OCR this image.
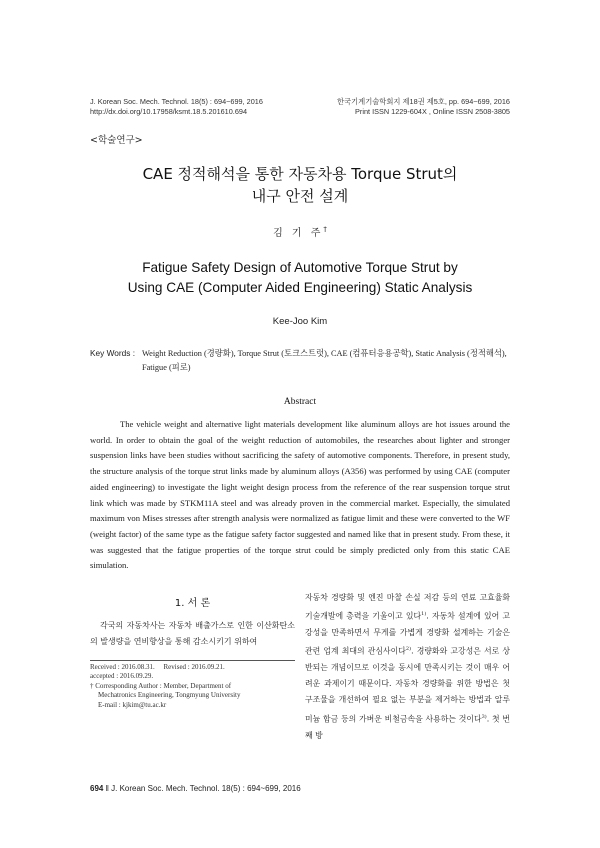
J. Korean Soc. Mech. Technol. 18(5) : 694~699, 2016
http://dx.doi.org/10.17958/ksmt.18.5.201610.694
한국기계기술학회지 제18권 제5호, pp. 694~699, 2016
Print ISSN 1229-604X , Online ISSN 2508-3805
<학술연구>
CAE 정적해석을 통한 자동차용 Torque Strut의
내구 안전 설계
김 기 주†
Fatigue Safety Design of Automotive Torque Strut by
Using CAE (Computer Aided Engineering) Static Analysis
Kee-Joo Kim
Key Words : Weight Reduction (경량화), Torque Strut (토크스트럿), CAE (컴퓨터응용공학), Static Analysis (정적해석), Fatigue (피로)
Abstract

The vehicle weight and alternative light materials development like aluminum alloys are hot issues around the world. In order to obtain the goal of the weight reduction of automobiles, the researches about lighter and stronger suspension links have been studies without sacrificing the safety of automotive components. Therefore, in present study, the structure analysis of the torque strut links made by aluminum alloys (A356) was performed by using CAE (computer aided engineering) to investigate the light weight design process from the reference of the rear suspension torque strut link which was made by STKM11A steel and was already proven in the commercial market. Especially, the simulated maximum von Mises stresses after strength analysis were normalized as fatigue limit and these were converted to the WF (weight factor) of the same type as the fatigue safety factor suggested and named like that in present study. From these, it was suggested that the fatigue properties of the torque strut could be simply predicted only from this static CAE simulation.

1. 서 론

각국의 자동차사는 자동차 배출가스로 인한 이산화탄소의 발생량을 연비향상을 통해 감소시키기 위하여

Received : 2016.08.31. Revised : 2016.09.21.
accepted : 2016.09.29.
† Corresponding Author : Member, Department of
Mechatronics Engineering, Tongmyung University
E-mail : kjkim@tu.ac.kr

자동차 경량화 및 엔진 마찰 손실 저감 등의 연료 고효율화 기술개발에 총력을 기울이고 있다$^{1)}$. 자동차 설계에 있어 고강성을 만족하면서 무게를 가볍게 경량화 설계하는 기술은 관련 업계 최대의 관심사이다$^{2)}$. 경량화와 고강성은 서로 상반되는 개념이므로 이것을 동시에 만족시키는 것이 매우 어려운 과제이기 때문이다. 자동차 경량화를 위한 방법은 첫 구조물을 개선하여 필요 없는 부분을 제거하는 방법과 알루미늄 합금 등의 가벼운 비철금속을 사용하는 것이다$^{3)}$. 첫 번째 방

694 ‖ J. Korean Soc. Mech. Technol. 18(5) : 694~699, 2016
